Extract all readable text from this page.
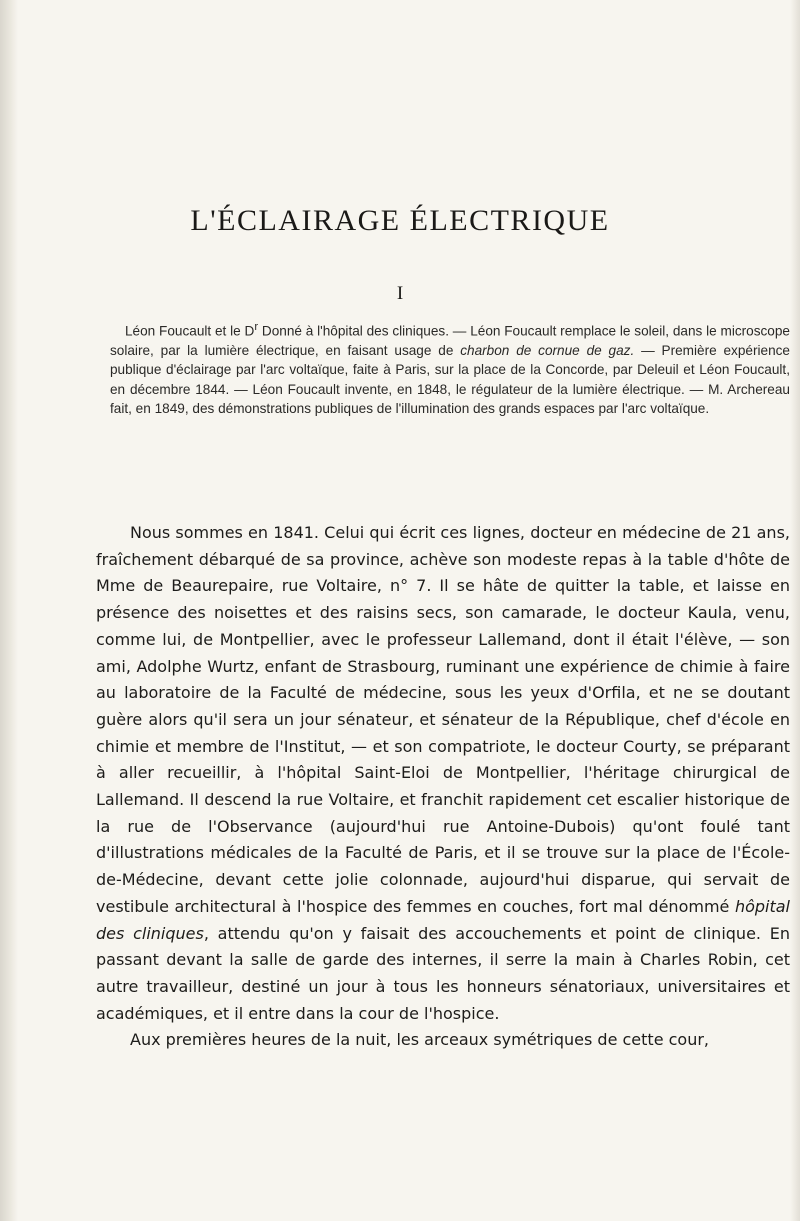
L'ÉCLAIRAGE ÉLECTRIQUE
I

Léon Foucault et le $D^r$ Donné à l'hôpital des cliniques. — Léon Foucault remplace le soleil, dans le microscope solaire, par la lumière électrique, en faisant usage de charbon de cornue de gaz. — Première expérience publique d'éclairage par l'arc voltaïque, faite à Paris, sur la place de la Concorde, par Deleuil et Léon Foucault, en décembre 1844. — Léon Foucault invente, en 1848, le régulateur de la lumière électrique. — M. Archereau fait, en 1849, des démonstrations publiques de l'illumination des grands espaces par l'arc voltaïque.

Nous sommes en 1841. Celui qui écrit ces lignes, docteur en médecine de 21 ans, fraîchement débarqué de sa province, achève son modeste repas à la table d'hôte de Mme de Beaurepaire, rue Voltaire, n° 7. Il se hâte de quitter la table, et laisse en présence des noisettes et des raisins secs, son camarade, le docteur Kaula, venu, comme lui, de Montpellier, avec le professeur Lallemand, dont il était l'élève, — son ami, Adolphe Wurtz, enfant de Strasbourg, ruminant une expérience de chimie à faire au laboratoire de la Faculté de médecine, sous les yeux d'Orfila, et ne se doutant guère alors qu'il sera un jour sénateur, et sénateur de la République, chef d'école en chimie et membre de l'Institut, — et son compatriote, le docteur Courty, se préparant à aller recueillir, à l'hôpital Saint-Eloi de Montpellier, l'héritage chirurgical de Lallemand. Il descend la rue Voltaire, et franchit rapidement cet escalier historique de la rue de l'Observance (aujourd'hui rue Antoine-Dubois) qu'ont foulé tant d'illustrations médicales de la Faculté de Paris, et il se trouve sur la place de l'École-de-Médecine, devant cette jolie colonnade, aujourd'hui disparue, qui servait de vestibule architectural à l'hospice des femmes en couches, fort mal dénommé hôpital des cliniques, attendu qu'on y faisait des accouchements et point de clinique. En passant devant la salle de garde des internes, il serre la main à Charles Robin, cet autre travailleur, destiné un jour à tous les honneurs sénatoriaux, universitaires et académiques, et il entre dans la cour de l'hospice.

Aux premières heures de la nuit, les arceaux symétriques de cette cour,
